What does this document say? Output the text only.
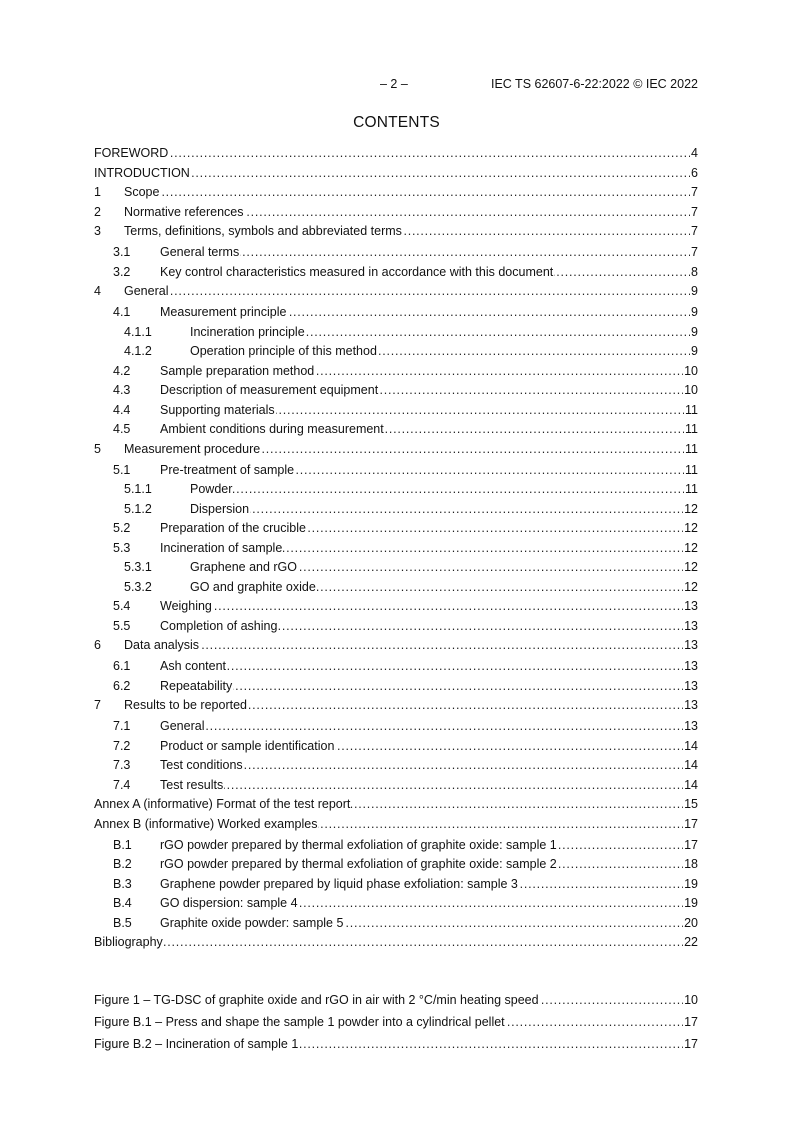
– 2 –	IEC TS 62607-6-22:2022 © IEC 2022
CONTENTS
FOREWORD . . .	4
INTRODUCTION . . .	6
1	Scope . . .	7
2	Normative references . . .	7
3	Terms, definitions, symbols and abbreviated terms . . .	7
3.1	General terms . . .	7
3.2	Key control characteristics measured in accordance with this document . . .	8
4	General . . .	9
4.1	Measurement principle . . .	9
4.1.1	Incineration principle . . .	9
4.1.2	Operation principle of this method . . .	9
4.2	Sample preparation method . . .	10
4.3	Description of measurement equipment . . .	10
4.4	Supporting materials . . .	11
4.5	Ambient conditions during measurement . . .	11
5	Measurement procedure . . .	11
5.1	Pre-treatment of sample . . .	11
5.1.1	Powder . . .	11
5.1.2	Dispersion . . .	12
5.2	Preparation of the crucible . . .	12
5.3	Incineration of sample . . .	12
5.3.1	Graphene and rGO . . .	12
5.3.2	GO and graphite oxide . . .	12
5.4	Weighing . . .	13
5.5	Completion of ashing . . .	13
6	Data analysis . . .	13
6.1	Ash content . . .	13
6.2	Repeatability . . .	13
7	Results to be reported . . .	13
7.1	General . . .	13
7.2	Product or sample identification . . .	14
7.3	Test conditions . . .	14
7.4	Test results . . .	14
Annex A (informative) Format of the test report . . .	15
Annex B (informative) Worked examples . . .	17
B.1	rGO powder prepared by thermal exfoliation of graphite oxide: sample 1 . . .	17
B.2	rGO powder prepared by thermal exfoliation of graphite oxide: sample 2 . . .	18
B.3	Graphene powder prepared by liquid phase exfoliation: sample 3 . . .	19
B.4	GO dispersion: sample 4 . . .	19
B.5	Graphite oxide powder: sample 5 . . .	20
Bibliography . . .	22
Figure 1 – TG-DSC of graphite oxide and rGO in air with 2 °C/min heating speed . . .	10
Figure B.1 – Press and shape the sample 1 powder into a cylindrical pellet . . .	17
Figure B.2 – Incineration of sample 1 . . .	17
